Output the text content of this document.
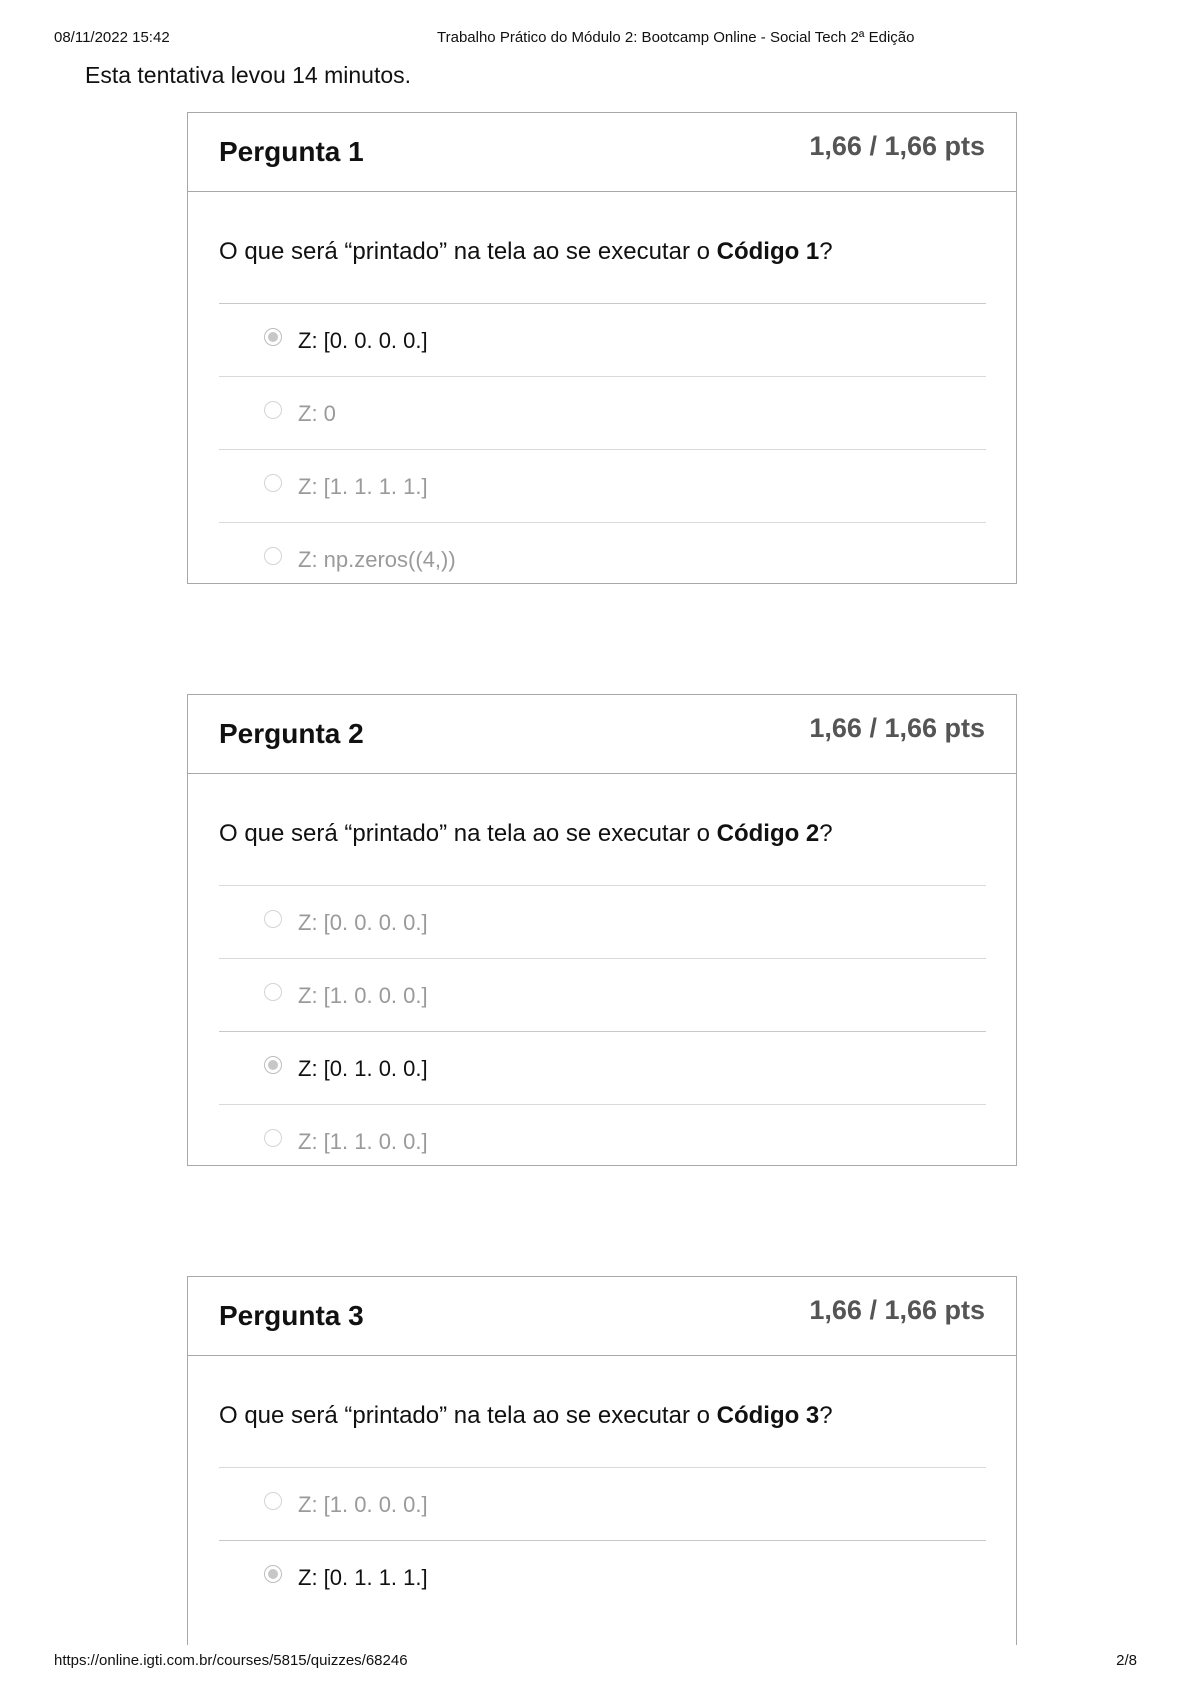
08/11/2022 15:42	Trabalho Prático do Módulo 2: Bootcamp Online - Social Tech 2ª Edição
Esta tentativa levou 14 minutos.
Pergunta 1	1,66 / 1,66 pts
O que será “printado” na tela ao se executar o Código 1?
Z: [0. 0. 0. 0.]
Z: 0
Z: [1. 1. 1. 1.]
Z: np.zeros((4,))
Pergunta 2	1,66 / 1,66 pts
O que será “printado” na tela ao se executar o Código 2?
Z: [0. 0. 0. 0.]
Z: [1. 0. 0. 0.]
Z: [0. 1. 0. 0.]
Z: [1. 1. 0. 0.]
Pergunta 3	1,66 / 1,66 pts
O que será “printado” na tela ao se executar o Código 3?
Z: [1. 0. 0. 0.]
Z: [0. 1. 1. 1.]
https://online.igti.com.br/courses/5815/quizzes/68246	2/8
